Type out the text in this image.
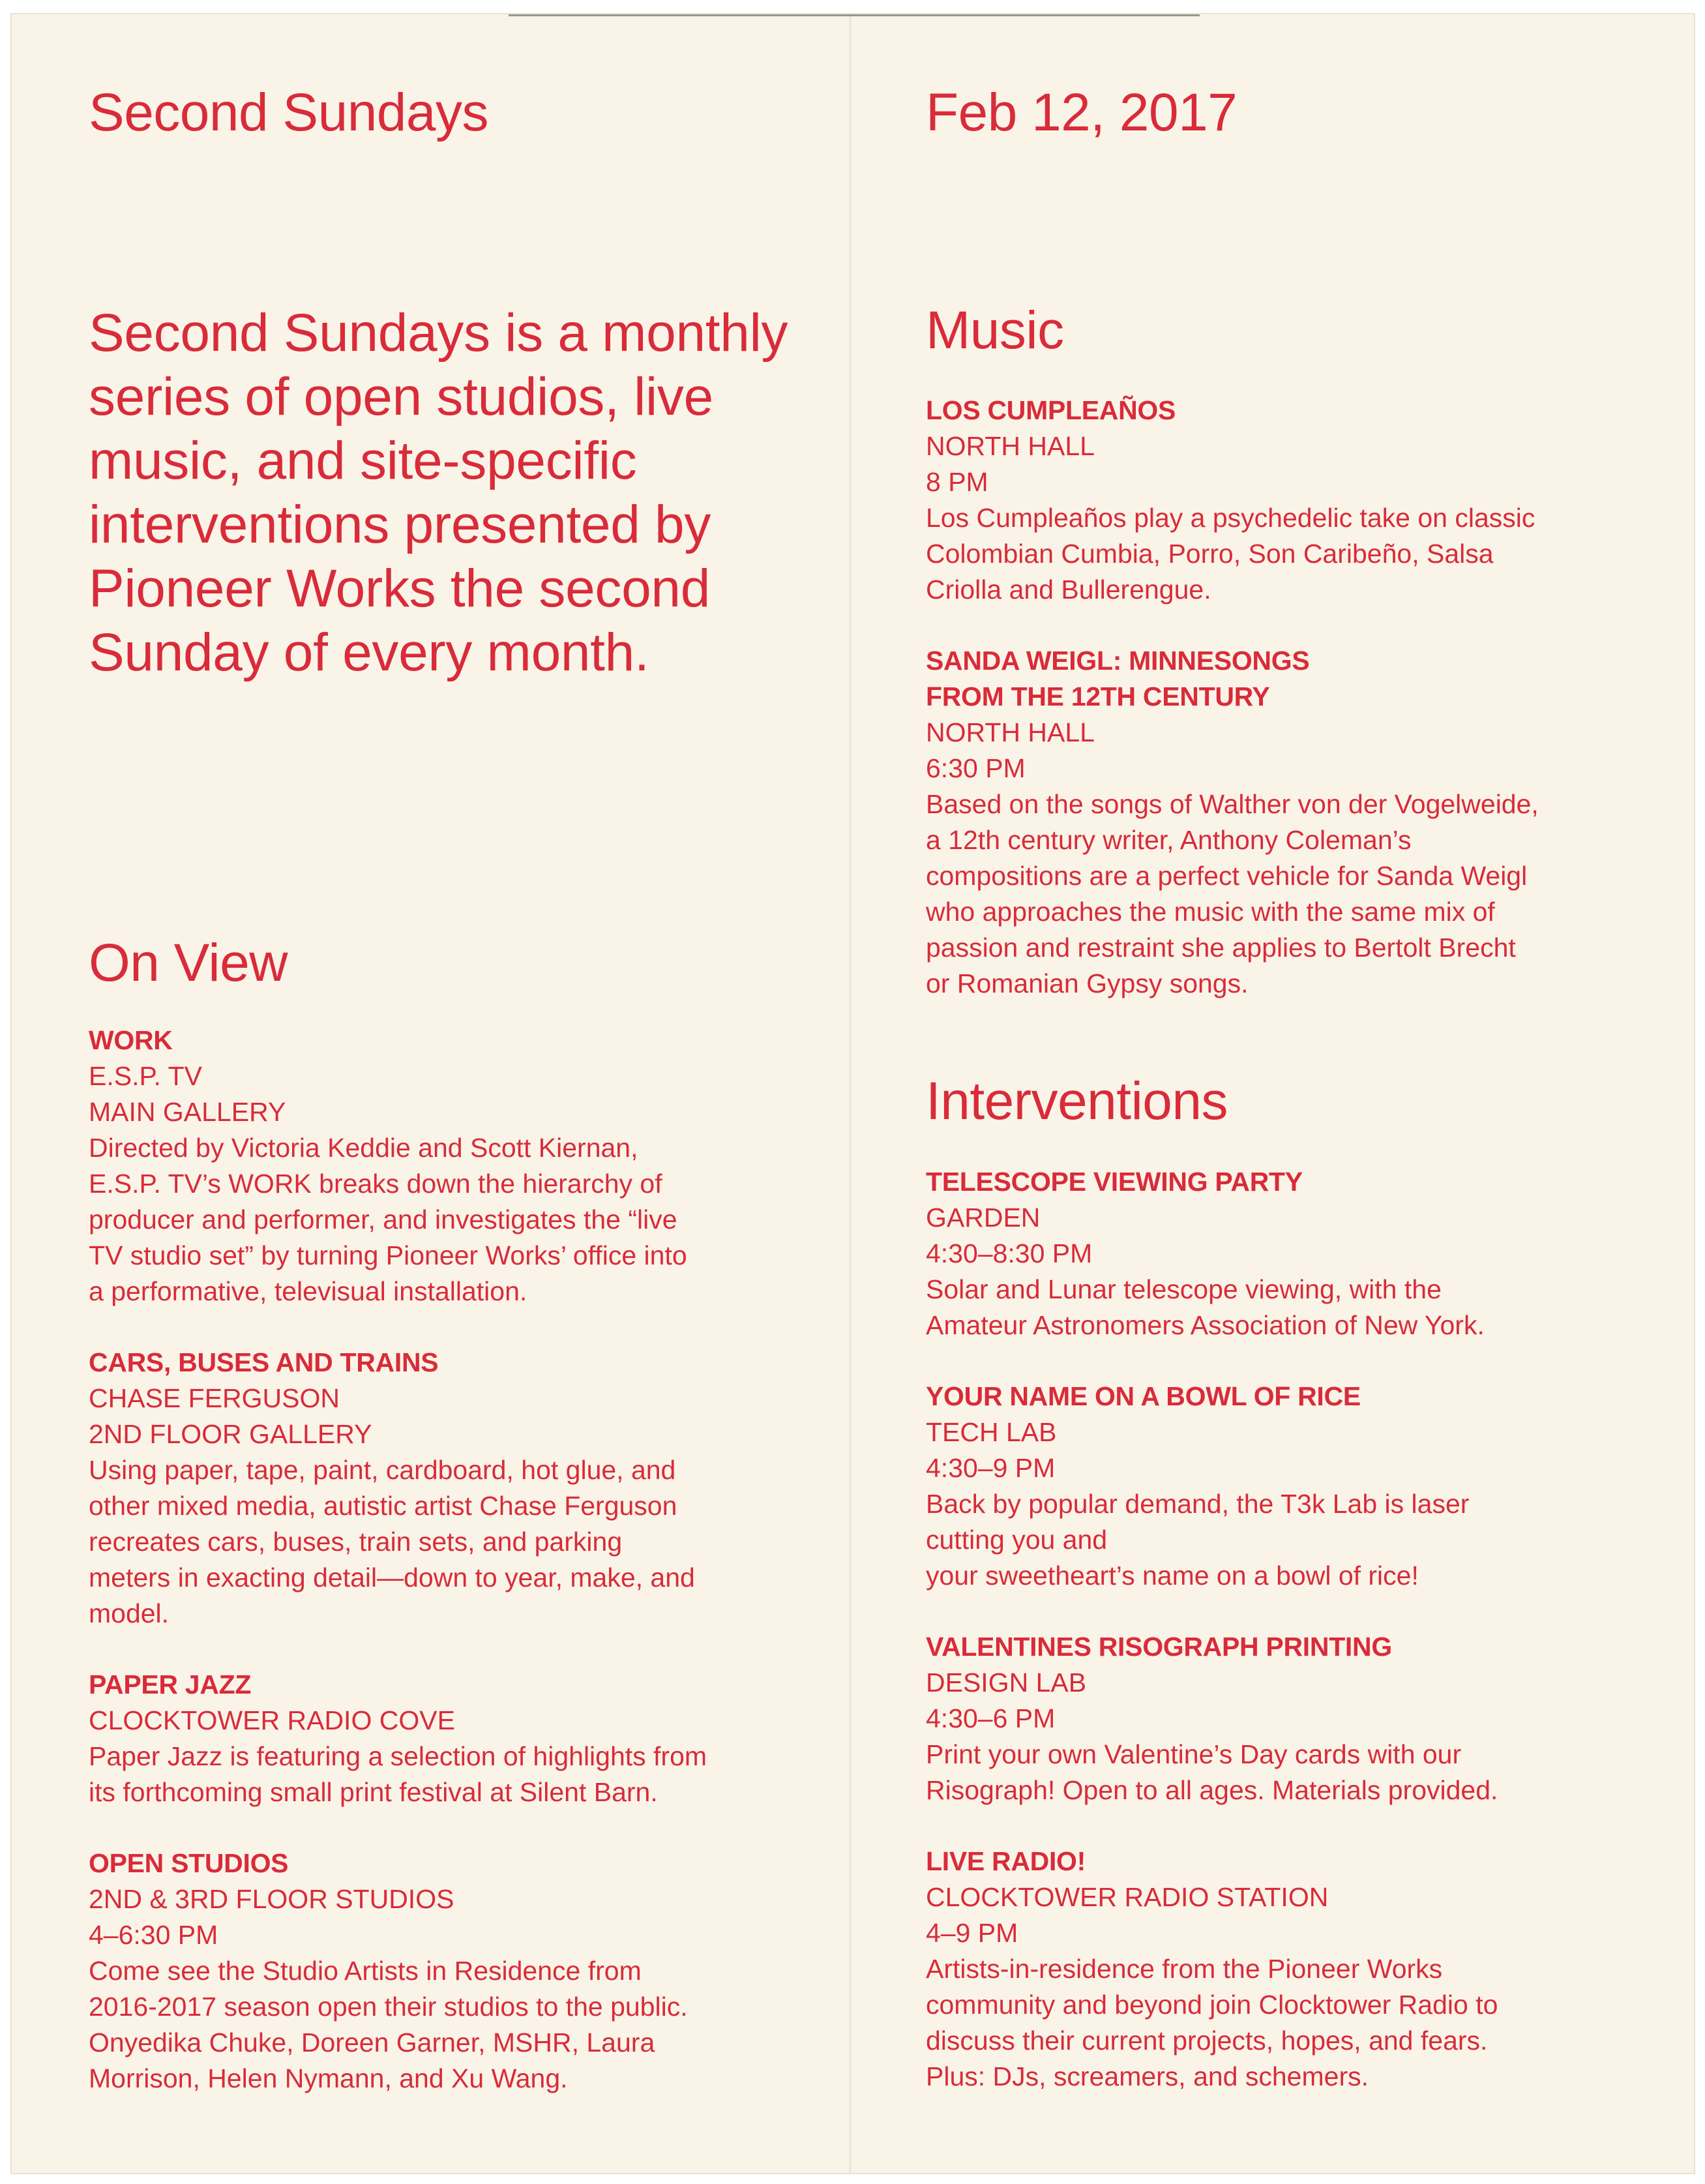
Second Sundays

Second Sundays is a monthly series of open studios, live music, and site-specific interventions presented by Pioneer Works the second Sunday of every month.

On View
WORK
E.S.P. TV
MAIN GALLERY
Directed by Victoria Keddie and Scott Kiernan,
E.S.P. TV’s WORK breaks down the hierarchy of
producer and performer, and investigates the “live
TV studio set” by turning Pioneer Works’ office into
a performative, televisual installation.
CARS, BUSES AND TRAINS
CHASE FERGUSON
2ND FLOOR GALLERY
Using paper, tape, paint, cardboard, hot glue, and
other mixed media, autistic artist Chase Ferguson
recreates cars, buses, train sets, and parking
meters in exacting detail—down to year, make, and
model.
PAPER JAZZ
CLOCKTOWER RADIO COVE
Paper Jazz is featuring a selection of highlights from
its forthcoming small print festival at Silent Barn.
OPEN STUDIOS
2ND & 3RD FLOOR STUDIOS
4–6:30 PM
Come see the Studio Artists in Residence from
2016-2017 season open their studios to the public.
Onyedika Chuke, Doreen Garner, MSHR, Laura
Morrison, Helen Nymann, and Xu Wang.
Feb 12, 2017
Music
LOS CUMPLEAÑOS
NORTH HALL
8 PM
Los Cumpleaños play a psychedelic take on classic
Colombian Cumbia, Porro, Son Caribeño, Salsa
Criolla and Bullerengue.
SANDA WEIGL: MINNESONGS
FROM THE 12TH CENTURY
NORTH HALL
6:30 PM
Based on the songs of Walther von der Vogelweide,
a 12th century writer, Anthony Coleman’s
compositions are a perfect vehicle for Sanda Weigl
who approaches the music with the same mix of
passion and restraint she applies to Bertolt Brecht
or Romanian Gypsy songs.
Interventions
TELESCOPE VIEWING PARTY
GARDEN
4:30–8:30 PM
Solar and Lunar telescope viewing, with the
Amateur Astronomers Association of New York.
YOUR NAME ON A BOWL OF RICE
TECH LAB
4:30–9 PM
Back by popular demand, the T3k Lab is laser
cutting you and
your sweetheart’s name on a bowl of rice!
VALENTINES RISOGRAPH PRINTING
DESIGN LAB
4:30–6 PM
Print your own Valentine’s Day cards with our
Risograph! Open to all ages. Materials provided.
LIVE RADIO!
CLOCKTOWER RADIO STATION
4–9 PM
Artists-in-residence from the Pioneer Works
community and beyond join Clocktower Radio to
discuss their current projects, hopes, and fears.
Plus: DJs, screamers, and schemers.
